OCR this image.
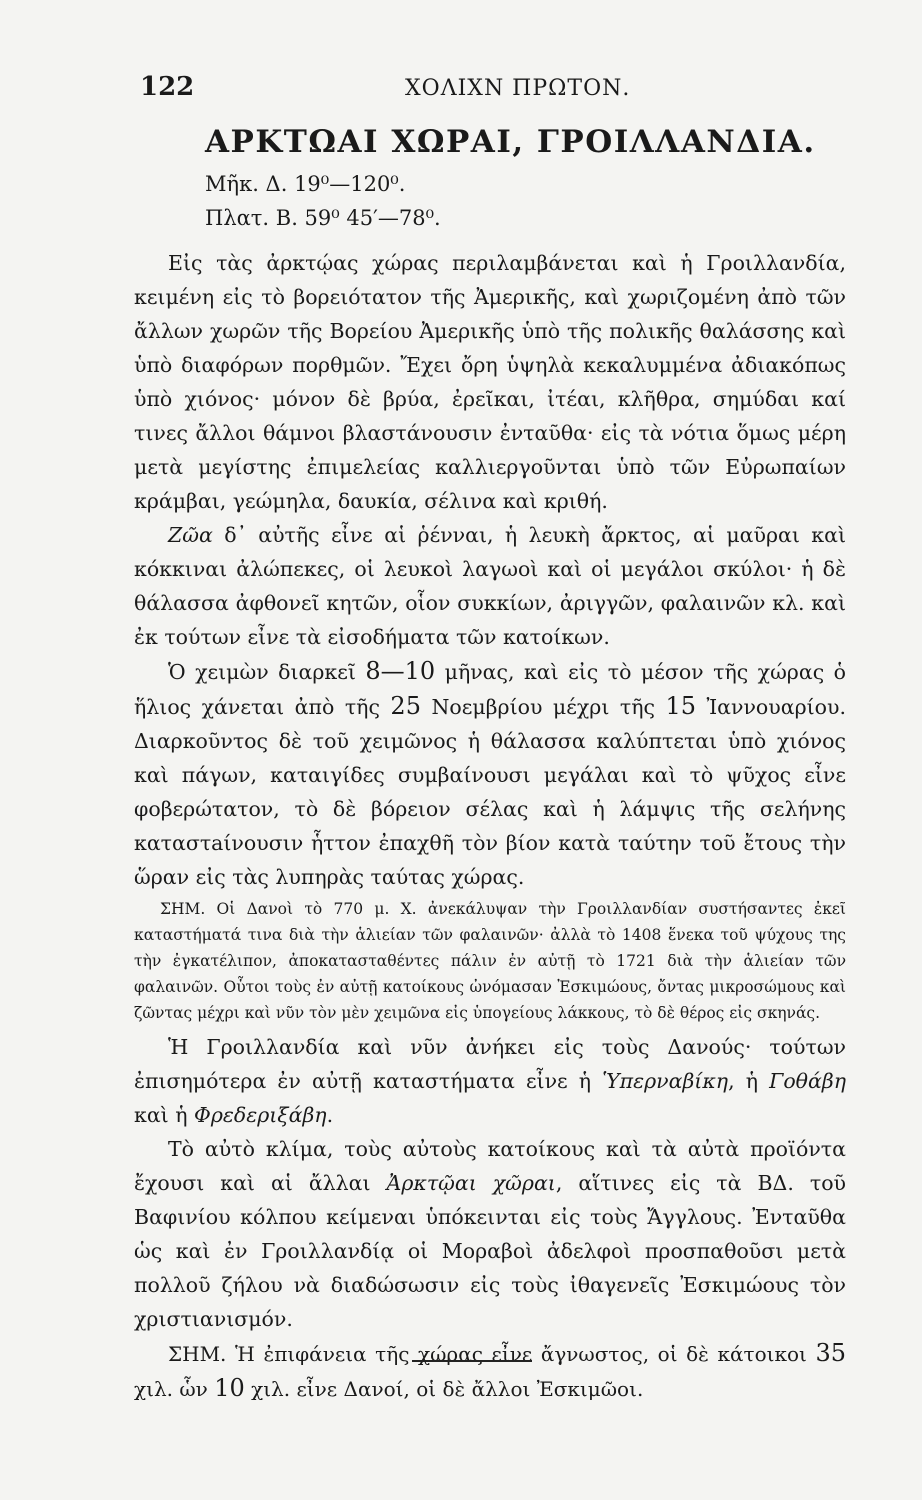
122	ΧΟΛΙΧΝ ΠΡΩΤΟΝ.
ΑΡΚΤΩΑΙ ΧΩΡΑΙ, ΓΡΟΙΛΛΑΝΔΙΑ.
Μῆκ. Δ. 19⁰—120⁰.
Πλατ. Β. 59⁰ 45′—78⁰.

Εἰς τὰς ἀρκτῴας χώρας περιλαμβάνεται καὶ ἡ Γροιλλανδία, κειμένη εἰς τὸ βορειότατον τῆς Ἀμερικῆς, καὶ χωριζομένη ἀπὸ τῶν ἄλλων χωρῶν τῆς Βορείου Ἀμερικῆς ὑπὸ τῆς πολικῆς θαλάσσης καὶ ὑπὸ διαφόρων πορθμῶν. Ἔχει ὄρη ὑψηλὰ κεκαλυμμένα ἀδιακόπως ὑπὸ χιόνος· μόνον δὲ βρύα, ἐρεῖκαι, ἰτέαι, κλῆθρα, σημύδαι καί τινες ἄλλοι θάμνοι βλαστάνουσιν ἐνταῦθα· εἰς τὰ νότια ὅμως μέρη μετὰ μεγίστης ἐπιμελείας καλλιεργοῦνται ὑπὸ τῶν Εὐρωπαίων κράμβαι, γεώμηλα, δαυκία, σέλινα καὶ κριθή.

Ζῶα δ᾽ αὐτῆς εἶνε αἱ ῥένναι, ἡ λευκὴ ἄρκτος, αἱ μαῦραι καὶ κόκκιναι ἀλώπεκες, οἱ λευκοὶ λαγωοὶ καὶ οἱ μεγάλοι σκύλοι· ἡ δὲ θάλασσα ἀφθονεῖ κητῶν, οἷον συκκίων, ἀριγγῶν, φαλαινῶν κλ. καὶ ἐκ τούτων εἶνε τὰ εἰσοδήματα τῶν κατοίκων.

Ὁ χειμὼν διαρκεῖ 8—10 μῆνας, καὶ εἰς τὸ μέσον τῆς χώρας ὁ ἥλιος χάνεται ἀπὸ τῆς 25 Νοεμβρίου μέχρι τῆς 15 Ἰαννουαρίου. Διαρκοῦντος δὲ τοῦ χειμῶνος ἡ θάλασσα καλύπτεται ὑπὸ χιόνος καὶ πάγων, καταιγίδες συμβαίνουσι μεγάλαι καὶ τὸ ψῦχος εἶνε φοβερώτατον, τὸ δὲ βόρειον σέλας καὶ ἡ λάμψις τῆς σελήνης καταστaίνουσιν ἧττον ἐπαχθῆ τὸν βίον κατὰ ταύτην τοῦ ἔτους τὴν ὥραν εἰς τὰς λυπηρὰς ταύτας χώρας.

ΣΗΜ. Οἱ Δανοὶ τὸ 770 μ. Χ. ἀνεκάλυψαν τὴν Γροιλλανδίαν συστήσαντες ἐκεῖ καταστήματά τινα διὰ τὴν ἁλιείαν τῶν φαλαινῶν· ἀλλὰ τὸ 1408 ἕνεκα τοῦ ψύχους της τὴν ἐγκατέλιπον, ἀποκατασταθέντες πάλιν ἐν αὐτῇ τὸ 1721 διὰ τὴν ἁλιείαν τῶν φαλαινῶν. Οὗτοι τοὺς ἐν αὐτῇ κατοίκους ὠνόμασαν Ἐσκιμώους, ὄντας μικροσώμους καὶ ζῶντας μέχρι καὶ νῦν τὸν μὲν χειμῶνα εἰς ὑπογείους λάκκους, τὸ δὲ θέρος εἰς σκηνάς.

Ἡ Γροιλλανδία καὶ νῦν ἀνήκει εἰς τοὺς Δανούς· τούτων ἐπισημότερα ἐν αὐτῇ καταστήματα εἶνε ἡ Ὑπερναβίκη, ἡ Γοθάβη καὶ ἡ Φρεδεριξάβη.

Τὸ αὐτὸ κλίμα, τοὺς αὐτοὺς κατοίκους καὶ τὰ αὐτὰ προϊόντα ἔχουσι καὶ αἱ ἄλλαι Ἀρκτῷαι χῶραι, αἵτινες εἰς τὰ ΒΔ. τοῦ Βαφινίου κόλπου κείμεναι ὑπόκεινται εἰς τοὺς Ἄγγλους. Ἐνταῦθα ὡς καὶ ἐν Γροιλλανδίᾳ οἱ Μοραβοὶ ἀδελφοὶ προσπαθοῦσι μετὰ πολλοῦ ζήλου νὰ διαδώσωσιν εἰς τοὺς ἰθαγενεῖς Ἐσκιμώους τὸν χριστιανισμόν.

ΣΗΜ. Ἡ ἐπιφάνεια τῆς χώρας εἶνε ἄγνωστος, οἱ δὲ κάτοικοι 35 χιλ. ὧν 10 χιλ. εἶνε Δανοί, οἱ δὲ ἄλλοι Ἐσκιμῶοι.
